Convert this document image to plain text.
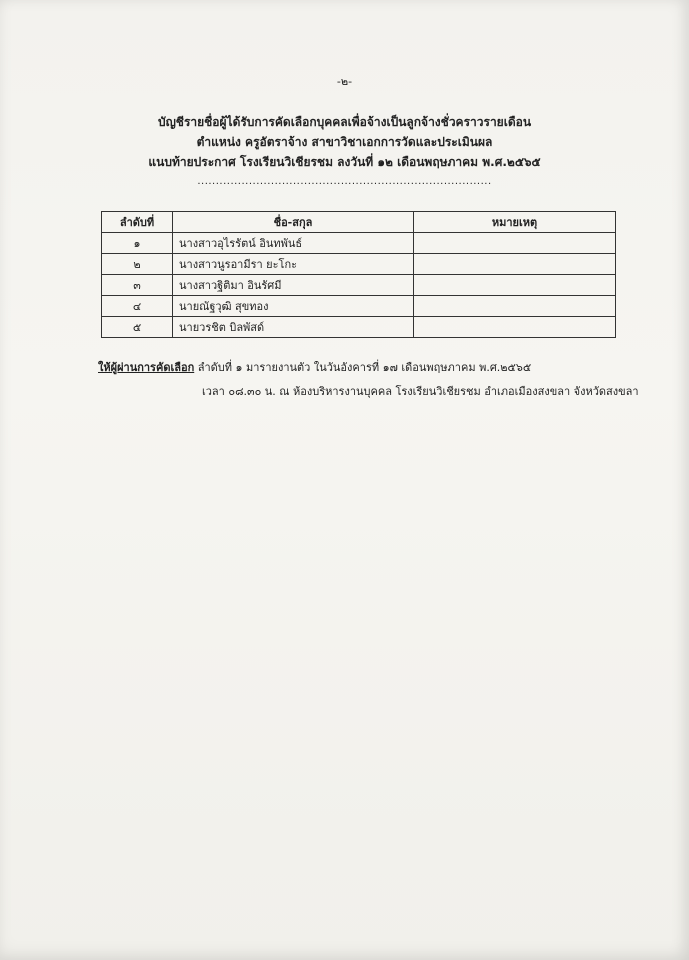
-๒-
บัญชีรายชื่อผู้ได้รับการคัดเลือกบุคคลเพื่อจ้างเป็นลูกจ้างชั่วคราวรายเดือน
ตำแหน่ง ครูอัตราจ้าง สาขาวิชาเอกการวัดและประเมินผล
แนบท้ายประกาศ โรงเรียนวิเชียรชม ลงวันที่ ๑๒ เดือนพฤษภาคม พ.ศ.๒๕๖๕
................................................................................
ลำดับที่	ชื่อ-สกุล	หมายเหตุ
๑	นางสาวอุไรรัตน์ อินทพันธ์	
๒	นางสาวนูรอามีรา ยะโกะ	
๓	นางสาวฐิติมา อินรัศมี	
๔	นายณัฐวุฒิ สุขทอง	
๕	นายวรชิต บิลพัสด์	
ให้ผู้ผ่านการคัดเลือก ลำดับที่ ๑ มารายงานตัว ในวันอังคารที่ ๑๗ เดือนพฤษภาคม พ.ศ.๒๕๖๕
เวลา ๐๘.๓๐ น. ณ ห้องบริหารงานบุคคล โรงเรียนวิเชียรชม อำเภอเมืองสงขลา จังหวัดสงขลา
